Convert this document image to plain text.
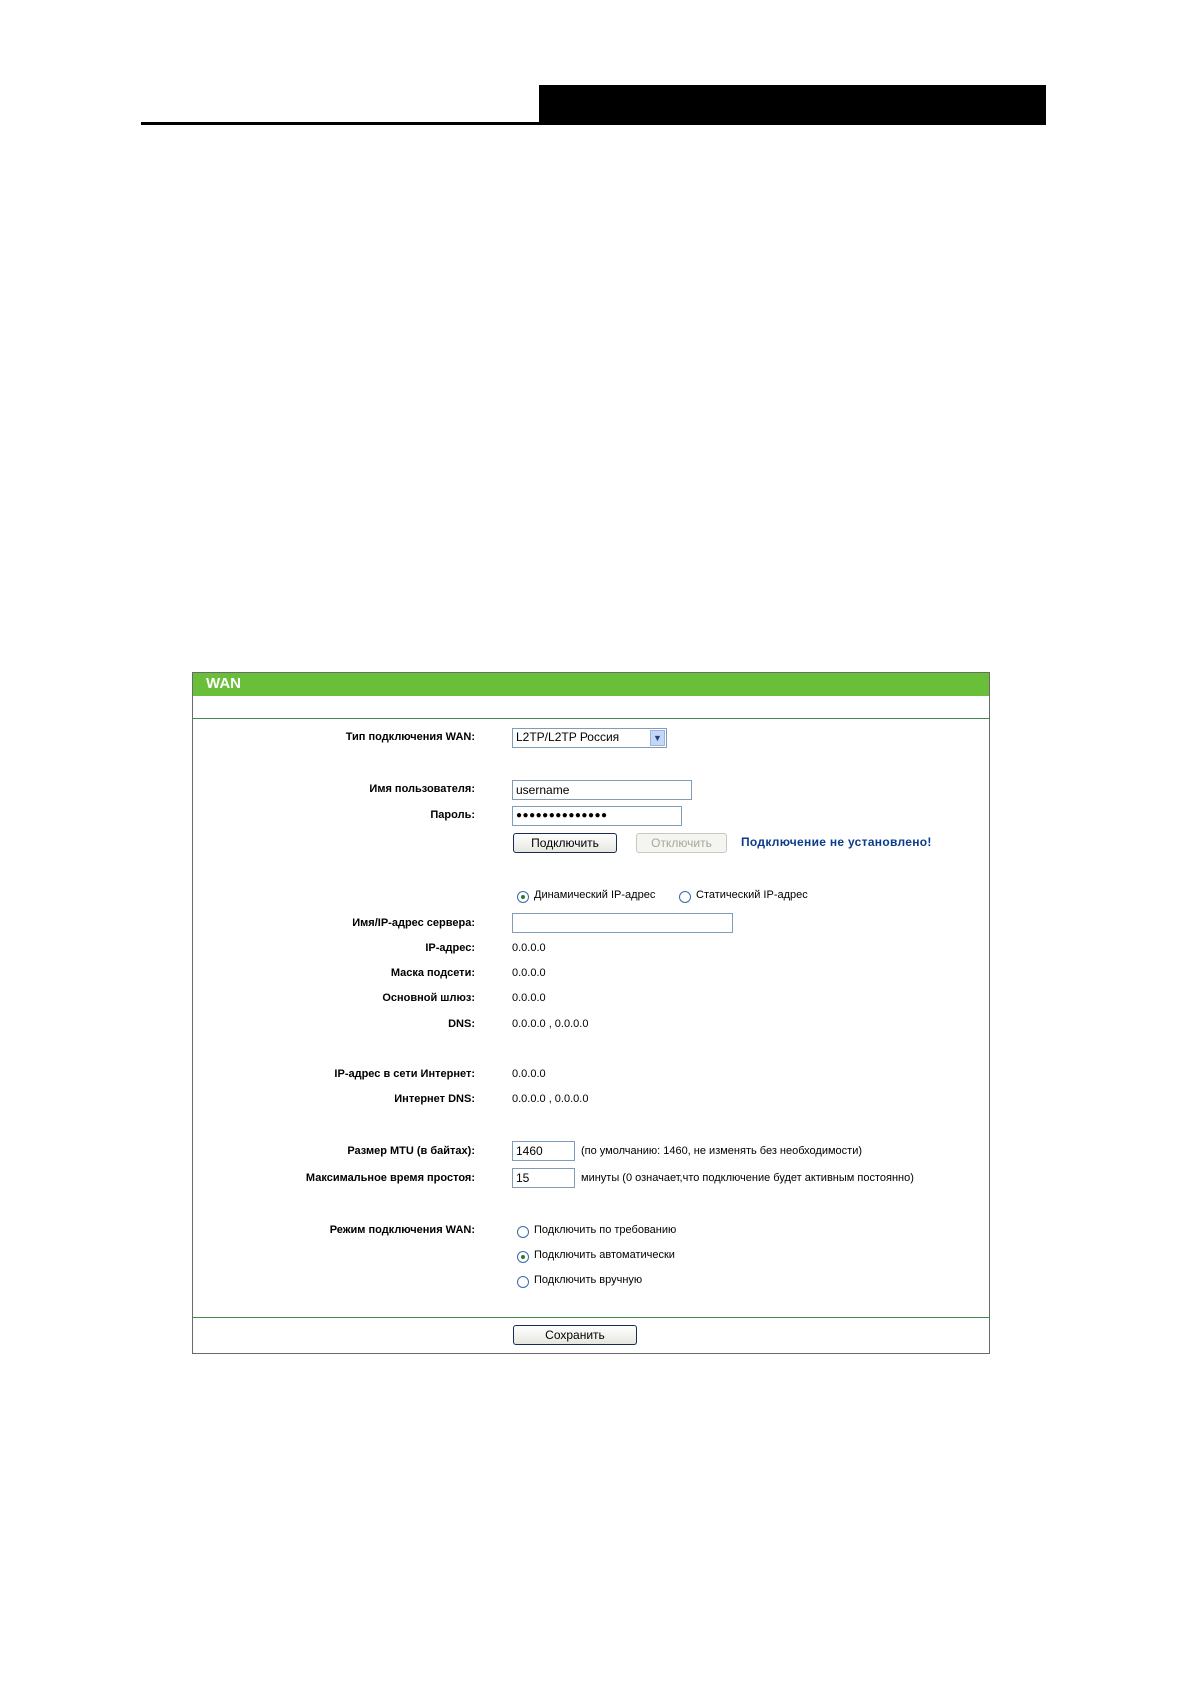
WAN
Тип подключения WAN:	L2TP/L2TP Россия	▼
Имя пользователя:	username
Пароль:	●●●●●●●●●●●●●●
Подключить	Отключить	Подключение не установлено!
Динамический IP-адрес	Статический IP-адрес
Имя/IP-адрес сервера:
IP-адрес:	0.0.0.0
Маска подсети:	0.0.0.0
Основной шлюз:	0.0.0.0
DNS:	0.0.0.0 , 0.0.0.0
IP-адрес в сети Интернет:	0.0.0.0
Интернет DNS:	0.0.0.0 , 0.0.0.0
Размер MTU (в байтах):	1460	(по умолчанию: 1460, не изменять без необходимости)
Максимальное время простоя:	15	минуты (0 означает,что подключение будет активным постоянно)
Режим подключения WAN:	Подключить по требованию
Подключить автоматически
Подключить вручную
Сохранить
